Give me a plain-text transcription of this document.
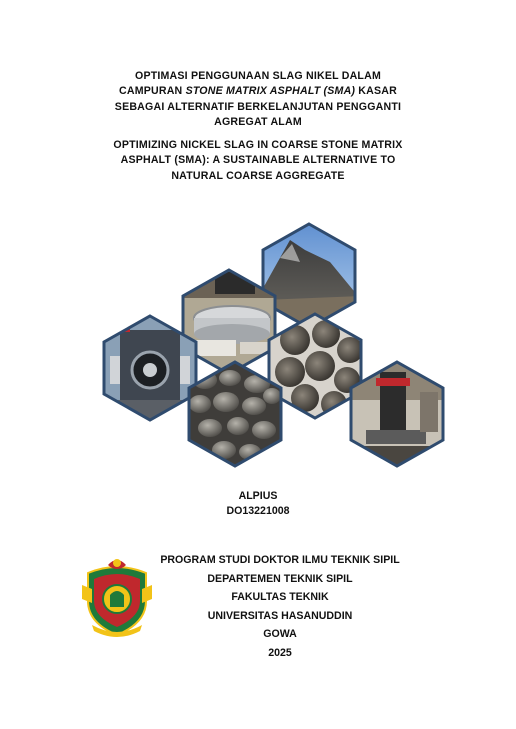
OPTIMASI PENGGUNAAN SLAG NIKEL DALAM

CAMPURAN STONE MATRIX ASPHALT (SMA) KASAR

SEBAGAI ALTERNATIF BERKELANJUTAN PENGGANTI

AGREGAT ALAM

OPTIMIZING NICKEL SLAG IN COARSE STONE MATRIX

ASPHALT (SMA): A SUSTAINABLE ALTERNATIVE TO

NATURAL COARSE AGGREGATE

ALPIUS

DO13221008

PROGRAM STUDI DOKTOR ILMU TEKNIK SIPIL

DEPARTEMEN TEKNIK SIPIL

FAKULTAS TEKNIK

UNIVERSITAS HASANUDDIN

GOWA

2025
